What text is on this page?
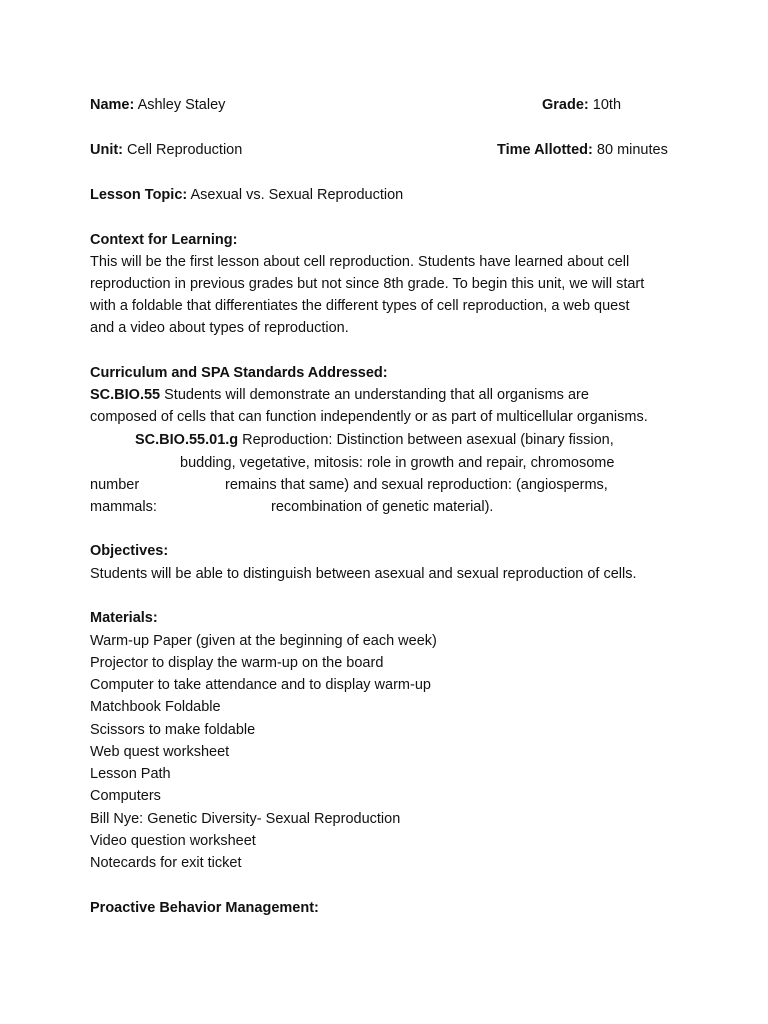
Name: Ashley Staley	Grade: 10th
Unit: Cell Reproduction	Time Allotted: 80 minutes
Lesson Topic: Asexual vs. Sexual Reproduction
Context for Learning:
This will be the first lesson about cell reproduction. Students have learned about cell
reproduction in previous grades but not since 8th grade. To begin this unit, we will start
with a foldable that differentiates the different types of cell reproduction, a web quest
and a video about types of reproduction.
Curriculum and SPA Standards Addressed:
SC.BIO.55 Students will demonstrate an understanding that all organisms are
composed of cells that can function independently or as part of multicellular organisms.
SC.BIO.55.01.g Reproduction: Distinction between asexual (binary fission,
budding, vegetative, mitosis: role in growth and repair, chromosome
number	remains that same) and sexual reproduction: (angiosperms,
mammals:	recombination of genetic material).
Objectives:
Students will be able to distinguish between asexual and sexual reproduction of cells.
Materials:
Warm-up Paper (given at the beginning of each week)
Projector to display the warm-up on the board
Computer to take attendance and to display warm-up
Matchbook Foldable
Scissors to make foldable
Web quest worksheet
Lesson Path
Computers
Bill Nye: Genetic Diversity- Sexual Reproduction
Video question worksheet
Notecards for exit ticket
Proactive Behavior Management:
